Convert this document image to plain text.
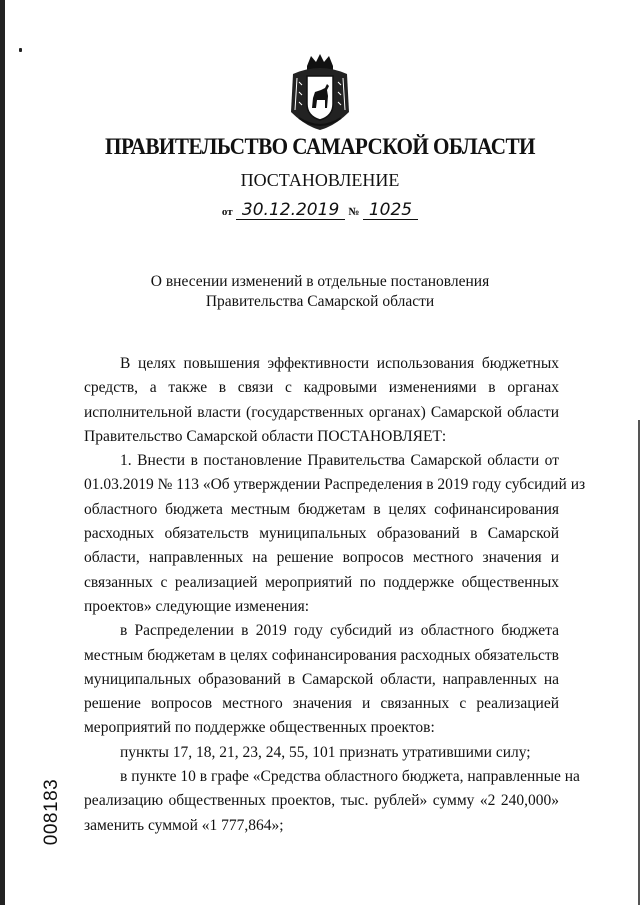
ПРАВИТЕЛЬСТВО САМАРСКОЙ ОБЛАСТИ
ПОСТАНОВЛЕНИЕ
от 30.12.2019 № 1025
О внесении изменений в отдельные постановления
Правительства Самарской области
В целях повышения эффективности использования бюджетных
средств, а также в связи с кадровыми изменениями в органах
исполнительной власти (государственных органах) Самарской области
Правительство Самарской области ПОСТАНОВЛЯЕТ:
1. Внести в постановление Правительства Самарской области от
01.03.2019 № 113 «Об утверждении Распределения в 2019 году субсидий из
областного бюджета местным бюджетам в целях софинансирования
расходных обязательств муниципальных образований в Самарской
области, направленных на решение вопросов местного значения и
связанных с реализацией мероприятий по поддержке общественных
проектов» следующие изменения:
в Распределении в 2019 году субсидий из областного бюджета
местным бюджетам в целях софинансирования расходных обязательств
муниципальных образований в Самарской области, направленных на
решение вопросов местного значения и связанных с реализацией
мероприятий по поддержке общественных проектов:
пункты 17, 18, 21, 23, 24, 55, 101 признать утратившими силу;
в пункте 10 в графе «Средства областного бюджета, направленные на
реализацию общественных проектов, тыс. рублей» сумму «2 240,000»
заменить суммой «1 777,864»;
008183
